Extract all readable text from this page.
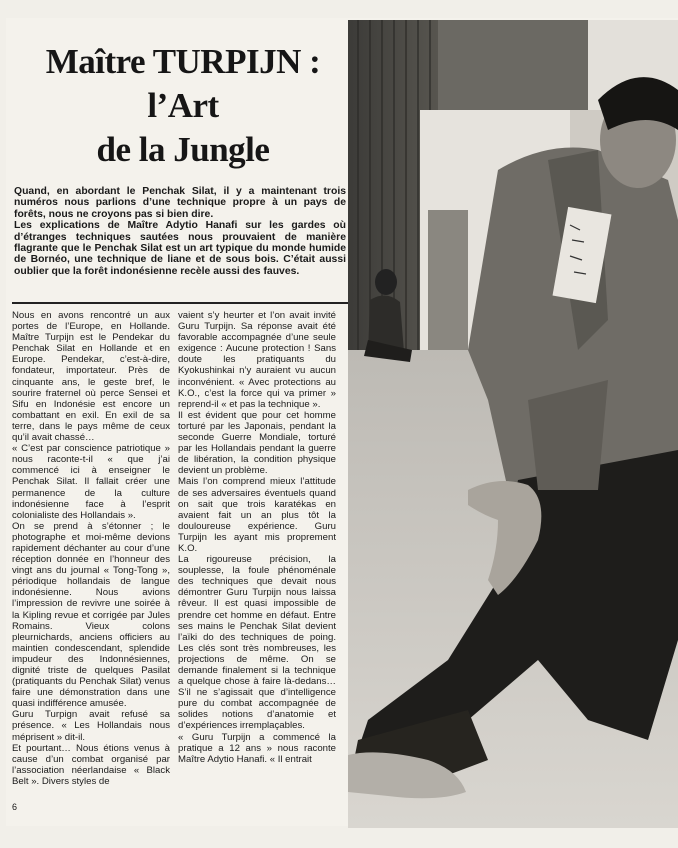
Maître TURPIJN :
l’Art
de la Jungle

Quand, en abordant le Penchak Silat, il y a maintenant trois numéros nous parlions d’une technique propre à un pays de forêts, nous ne croyons pas si bien dire.

Les explications de Maître Adytio Hanafi sur les gardes où d’étranges techniques sautées nous prouvaient de manière flagrante que le Penchak Silat est un art typique du monde humide de Bornéo, une technique de liane et de sous bois. C’était aussi oublier que la forêt indonésienne recèle aussi des fauves.

Nous en avons rencontré un aux portes de l’Europe, en Hollande. Maître Turpijn est le Pendekar du Penchak Silat en Hollande et en Europe. Pendekar, c’est-à-dire, fondateur, importateur. Près de cinquante ans, le geste bref, le sourire fraternel où perce Sensei et Sifu en Indonésie est encore un combattant en exil. En exil de sa terre, dans le pays même de ceux qu’il avait chassé…

« C’est par conscience patriotique » nous raconte-t-il « que j’ai commencé ici à enseigner le Penchak Silat. Il fallait créer une permanence de la culture indonésienne face à l’esprit colonialiste des Hollandais ».

On se prend à s’étonner ; le photographe et moi-même devions rapidement déchanter au cour d’une réception donnée en l’honneur des vingt ans du journal « Tong-Tong », périodique hollandais de langue indonésienne. Nous avions l’impression de revivre une soirée à la Kipling revue et corrigée par Jules Romains. Vieux colons pleurnichards, anciens officiers au maintien condescendant, splendide impudeur des Indonnésiennes, dignité triste de quelques Pasilat (pratiquants du Penchak Silat) venus faire une démonstration dans une quasi indifférence amusée.

Guru Turpign avait refusé sa présence. « Les Hollandais nous méprisent » dit-il.

Et pourtant… Nous étions venus à cause d’un combat organisé par l’association néerlandaise « Black Belt ». Divers styles de

vaient s’y heurter et l’on avait invité Guru Turpijn. Sa réponse avait été favorable accompagnée d’une seule exigence : Aucune protection ! Sans doute les pratiquants du Kyokushinkai n’y auraient vu aucun inconvénient. « Avec protections au K.O., c’est la force qui va primer » reprend-il « et pas la technique ».

Il est évident que pour cet homme torturé par les Japonais, pendant la seconde Guerre Mondiale, torturé par les Hollandais pendant la guerre de libération, la condition physique devient un problème.

Mais l’on comprend mieux l’attitude de ses adversaires éventuels quand on sait que trois karatékas en avaient fait un an plus tôt la douloureuse expérience. Guru Turpijn les ayant mis proprement K.O.

La rigoureuse précision, la souplesse, la foule phénoménale des techniques que devait nous démontrer Guru Turpijn nous laissa rêveur. Il est quasi impossible de prendre cet homme en défaut. Entre ses mains le Penchak Silat devient l’aïki do des techniques de poing. Les clés sont très nombreuses, les projections de même. On se demande finalement si la technique a quelque chose à faire là-dedans… S’il ne s’agissait que d’intelligence pure du combat accompagnée de solides notions d’anatomie et d’expériences irremplaçables.

« Guru Turpijn a commencé la pratique a 12 ans » nous raconte Maître Adytio Hanafi. « Il entrait

6
